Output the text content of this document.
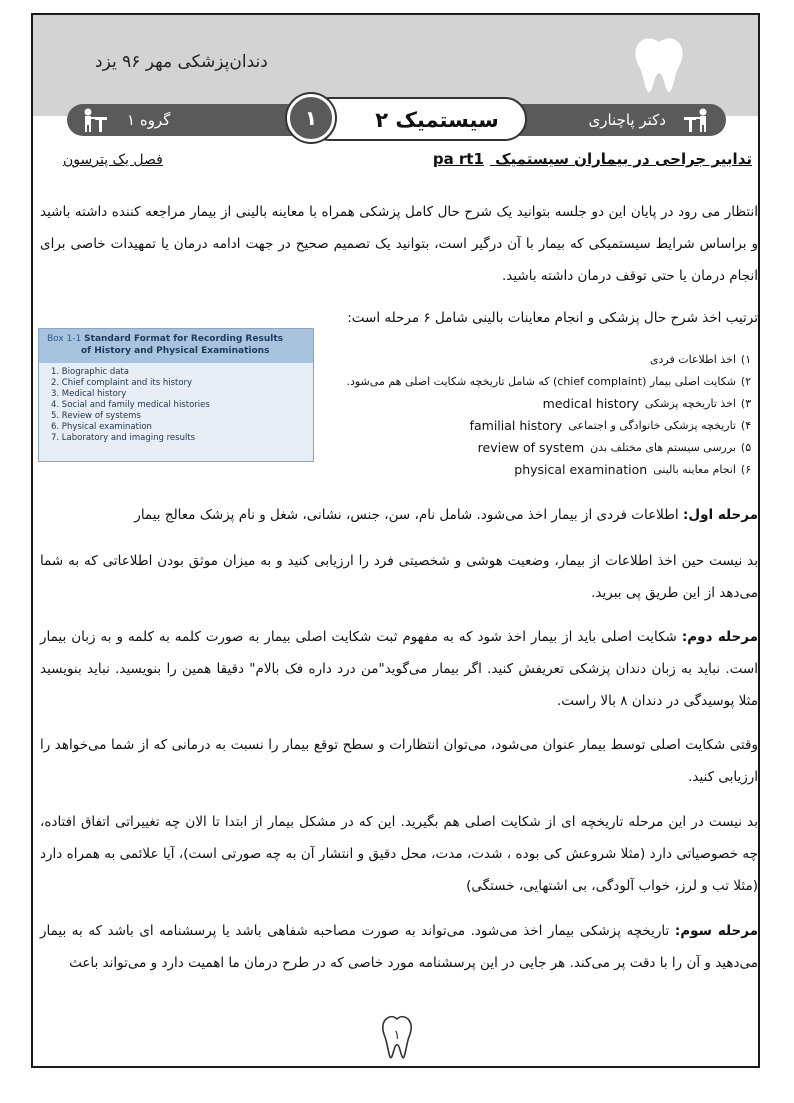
دندان‌پزشکی مهر ۹۶ یزد
گروه ۱	۱	سیستمیک ۲	دکتر پاچناری
تدابیر جراحی در بیماران سیستمیک pa rt1
فصل یک پترسون
انتظار می رود در پایان این دو جلسه بتوانید یک شرح حال کامل پزشکی همراه با معاینه بالینی از بیمار مراجعه کننده داشته باشید و براساس شرایط سیستمیکی که بیمار با آن درگیر است، بتوانید یک تصمیم صحیح در جهت ادامه درمان یا تمهیدات خاصی برای انجام درمان یا حتی توقف درمان داشته باشید.
ترتیب اخذ شرح حال پزشکی و انجام معاینات بالینی شامل ۶ مرحله است:
Box 1-1 Standard Format for Recording Results
of History and Physical Examinations
1. Biographic data
2. Chief complaint and its history
3. Medical history
4. Social and family medical histories
5. Review of systems
6. Physical examination
7. Laboratory and imaging results
۱)
اخذ اطلاعات فردی
۲)
شکایت اصلی بیمار (chief complaint) که شامل تاریخچه شکایت اصلی هم می‌شود.
۳)
اخذ تاریخچه پزشکی
medical history
۴)
تاریخچه پزشکی خانوادگی و اجتماعی
familial history
۵)
بررسی سیستم های مختلف بدن
review of system
۶)
انجام معاینه بالینی
physical examination
مرحله اول: اطلاعات فردی از بیمار اخذ می‌شود. شامل نام، سن، جنس، نشانی، شغل و نام پزشک معالج بیمار
بد نیست حین اخذ اطلاعات از بیمار، وضعیت هوشی و شخصیتی فرد را ارزیابی کنید و به میزان موثق بودن اطلاعاتی که به شما می‌دهد از این طریق پی ببرید.
مرحله دوم: شکایت اصلی باید از بیمار اخذ شود که به مفهوم ثبت شکایت اصلی بیمار به صورت کلمه به کلمه و به زبان بیمار است. نباید به زبان دندان پزشکی تعریفش کنید. اگر بیمار می‌گوید"من درد داره فک بالام" دقیقا همین را بنویسید. نباید بنویسید مثلا پوسیدگی در دندان ۸ بالا راست.
وقتی شکایت اصلی توسط بیمار عنوان می‌شود، می‌توان انتظارات و سطح توقع بیمار را نسبت به درمانی که از شما می‌خواهد را ارزیابی کنید.
بد نیست در این مرحله تاریخچه ای از شکایت اصلی هم بگیرید. این که در مشکل بیمار از ابتدا تا الان چه تغییراتی اتفاق افتاده، چه خصوصیاتی دارد (مثلا شروعش کی بوده ، شدت، مدت، محل دقیق و انتشار آن به چه صورتی است)، آیا علائمی به همراه دارد (مثلا تب و لرز، خواب آلودگی، بی اشتهایی، خستگی)
مرحله سوم: تاریخچه پزشکی بیمار اخذ می‌شود. می‌تواند به صورت مصاحبه شفاهی باشد یا پرسشنامه ای باشد که به بیمار می‌دهید و آن را با دقت پر می‌کند. هر جایی در این پرسشنامه مورد خاصی که در طرح درمان ما اهمیت دارد و می‌تواند باعث
۱
